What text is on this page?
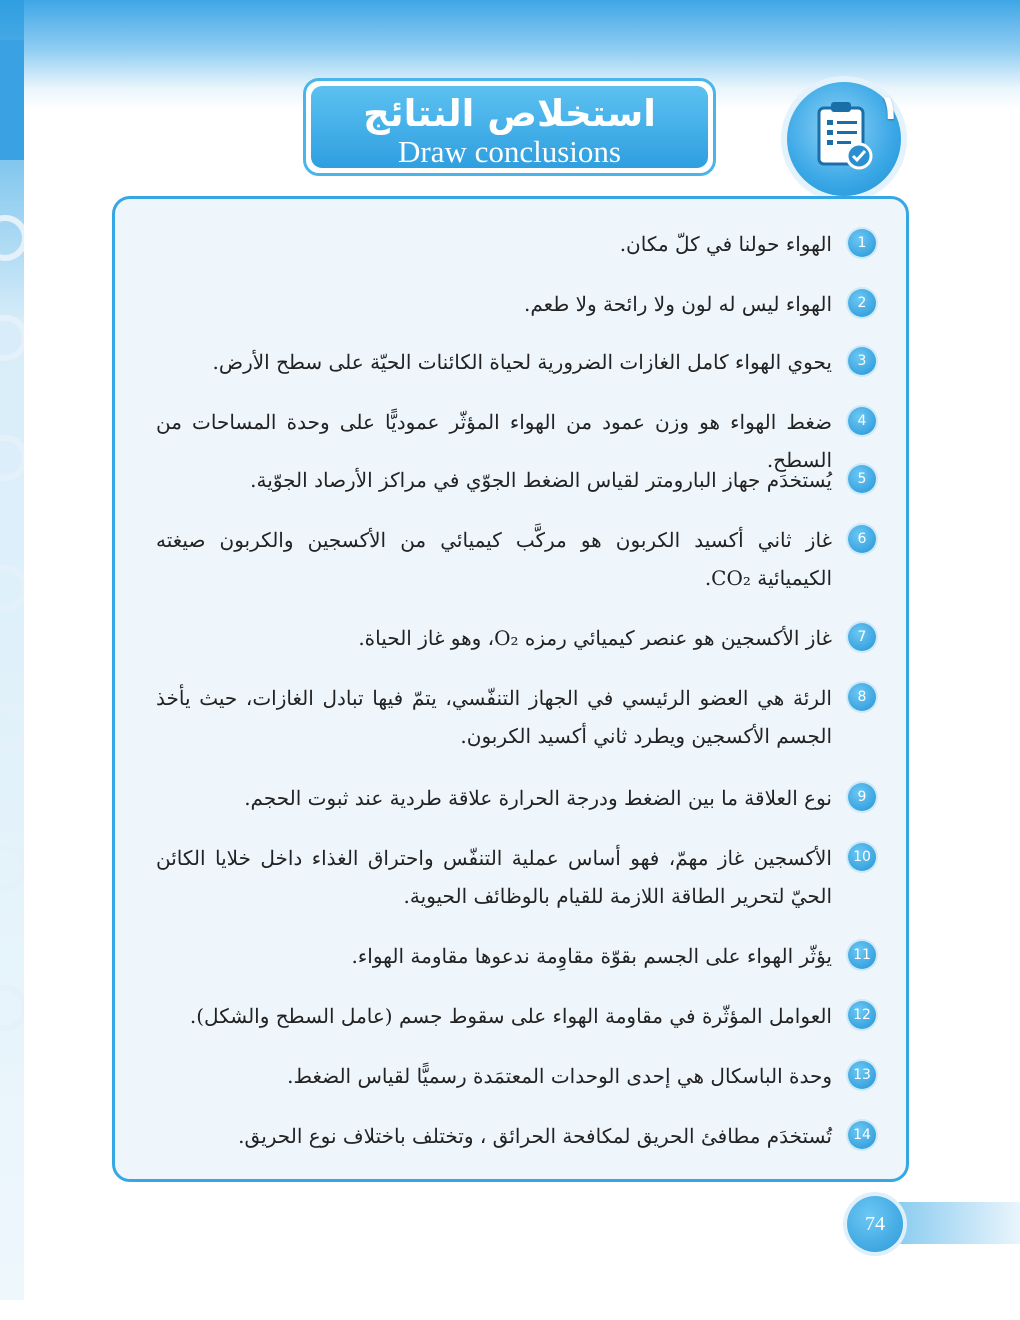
استخلاص النتائج
Draw conclusions
١
1
الهواء حولنا في كلّ مكان.
2
الهواء ليس له لون ولا رائحة ولا طعم.
3
يحوي الهواء كامل الغازات الضرورية لحياة الكائنات الحيّة على سطح الأرض.
4
ضغط الهواء هو وزن عمود من الهواء المؤثّر عموديًّا على وحدة المساحات من السطح.
5
يُستخدَم جهاز البارومتر لقياس الضغط الجوّي في مراكز الأرصاد الجوّية.
6
غاز ثاني أكسيد الكربون هو مركَّب كيميائي من الأكسجين والكربون صيغته الكيميائية CO₂.
7
غاز الأكسجين هو عنصر كيميائي رمزه O₂، وهو غاز الحياة.
8
الرئة هي العضو الرئيسي في الجهاز التنفّسي، يتمّ فيها تبادل الغازات، حيث يأخذ الجسم الأكسجين ويطرد ثاني أكسيد الكربون.
9
نوع العلاقة ما بين الضغط ودرجة الحرارة علاقة طردية عند ثبوت الحجم.
10
الأكسجين غاز مهمّ، فهو أساس عملية التنفّس واحتراق الغذاء داخل خلايا الكائن الحيّ لتحرير الطاقة اللازمة للقيام بالوظائف الحيوية.
11
يؤثّر الهواء على الجسم بقوّة مقاوِمة ندعوها مقاومة الهواء.
12
العوامل المؤثّرة في مقاومة الهواء على سقوط جسم (عامل السطح والشكل).
13
وحدة الباسكال هي إحدى الوحدات المعتمَدة رسميًّا لقياس الضغط.
14
تُستخدَم مطافئ الحريق لمكافحة الحرائق ، وتختلف باختلاف نوع الحريق.
74
